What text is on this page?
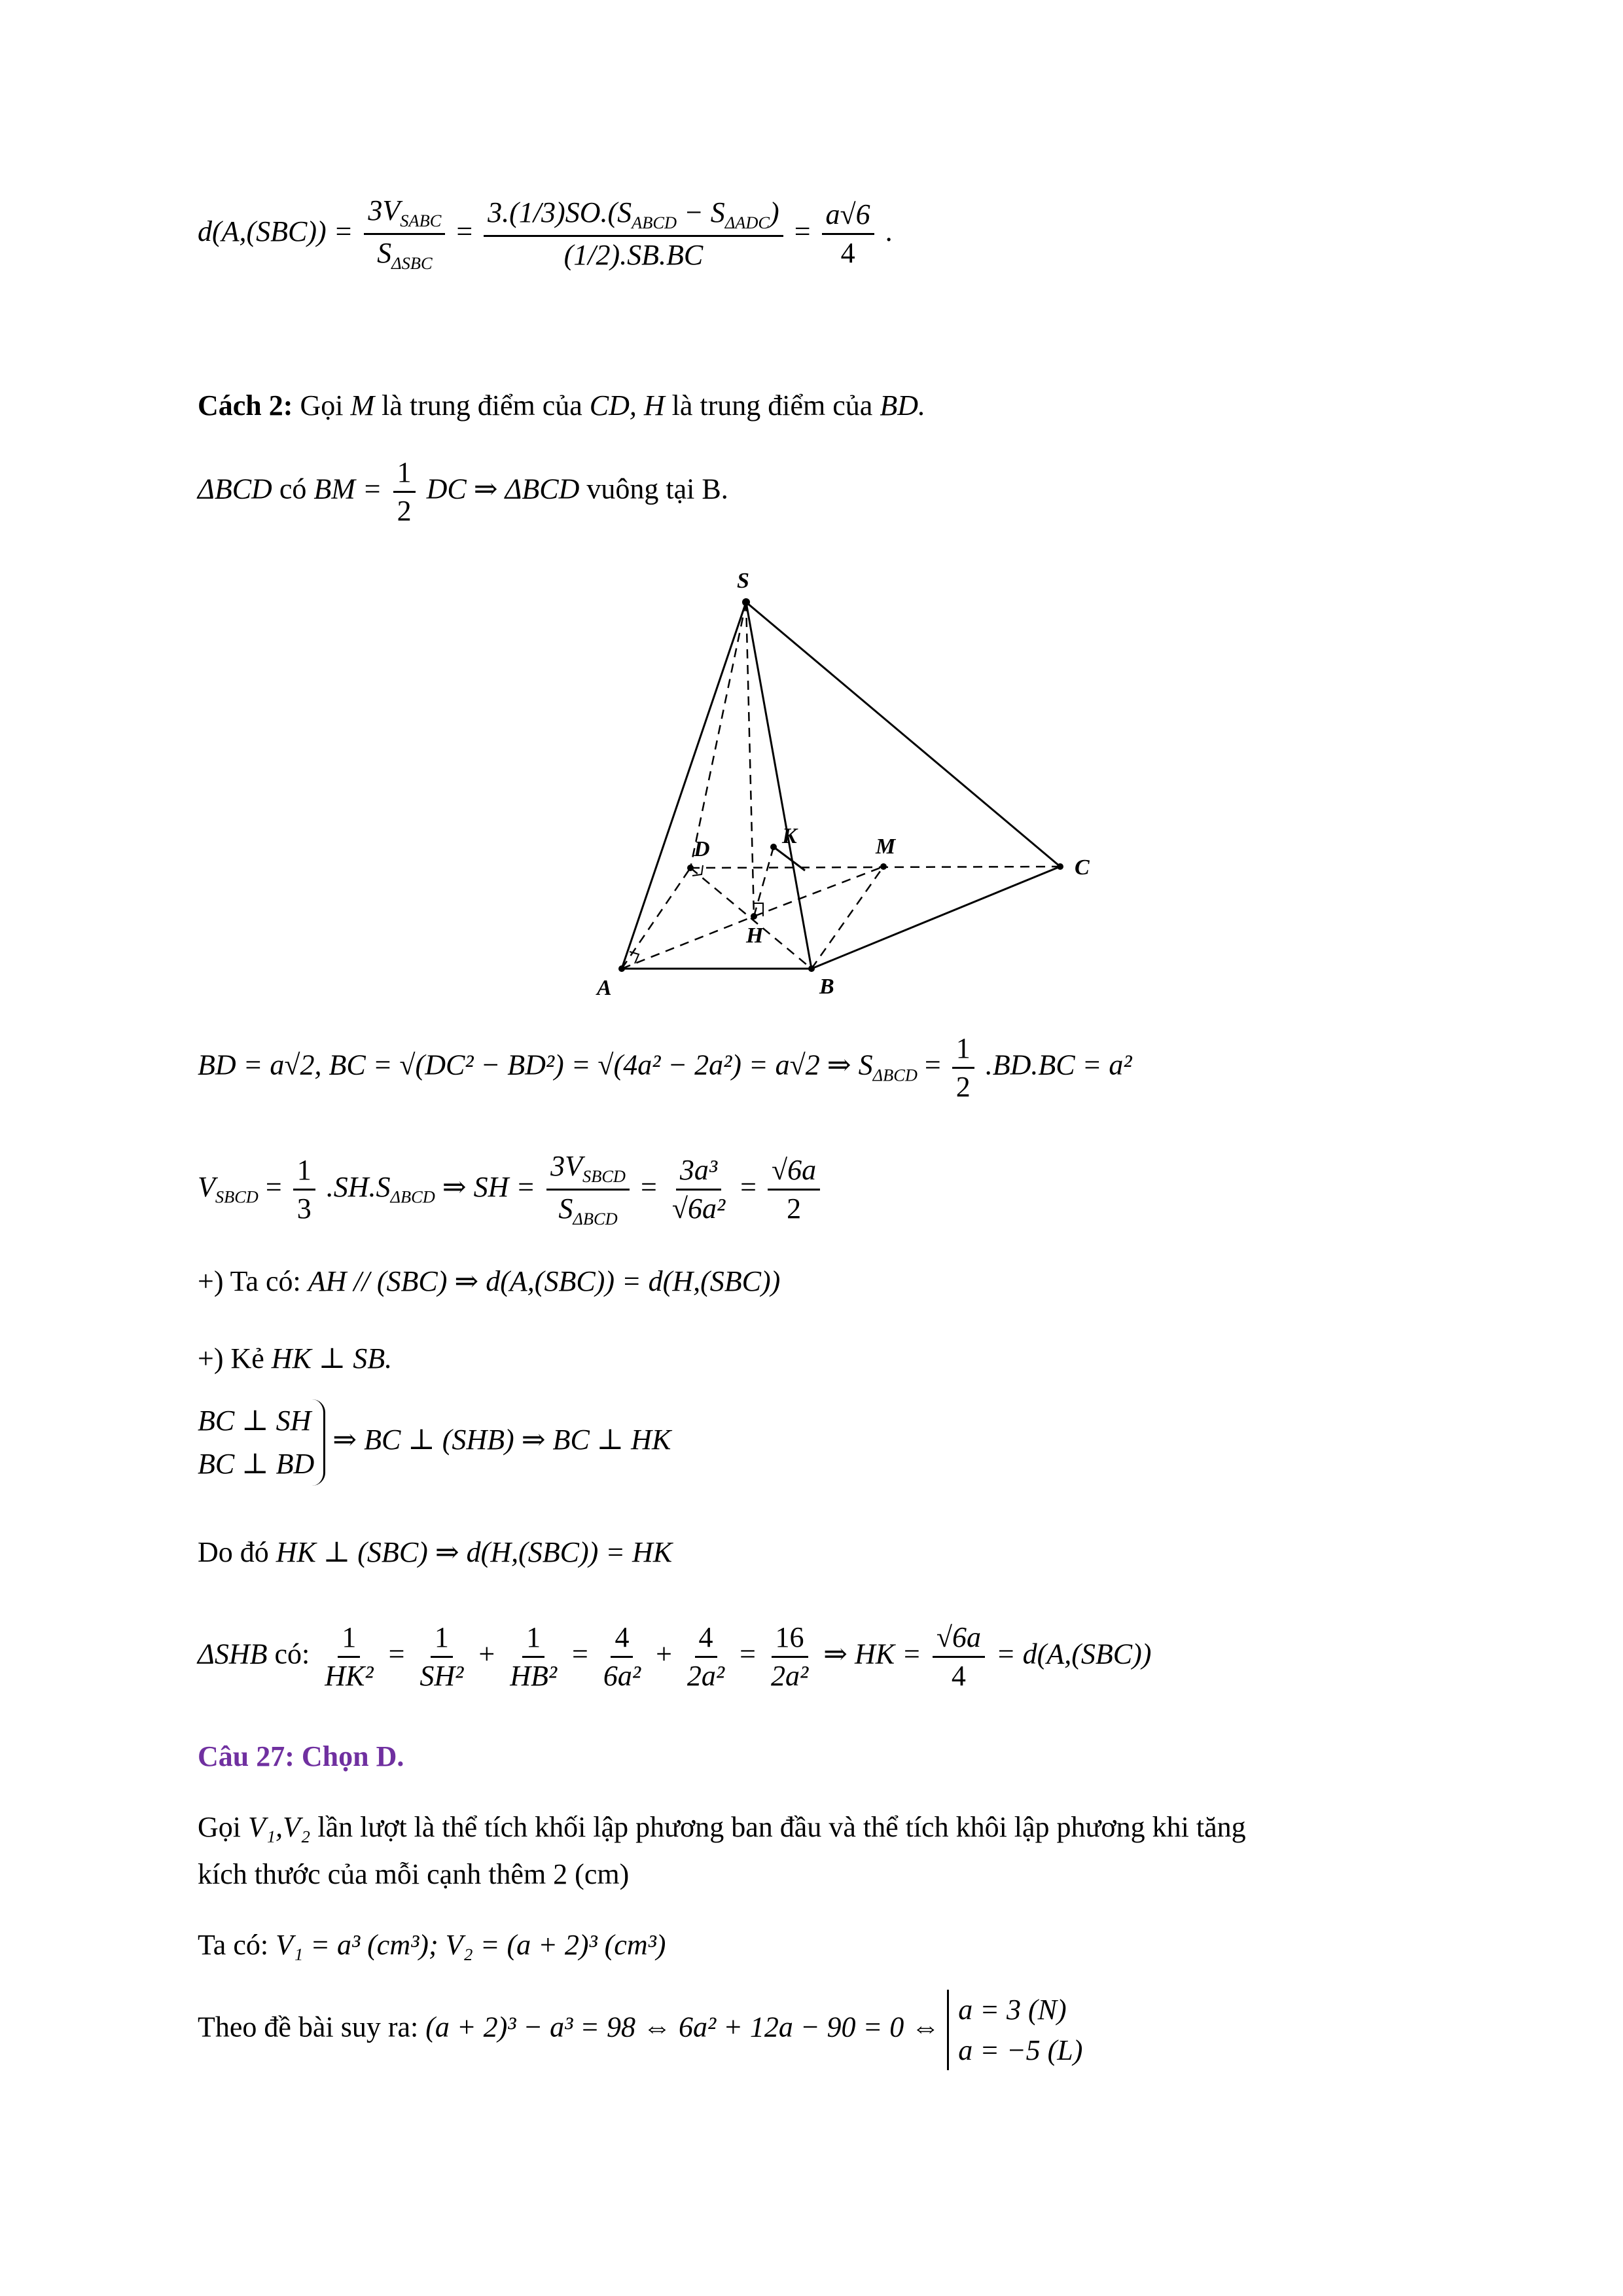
$d(A,(SBC)) = \frac{3V_{SABC}}{S_{\Delta SBC}} = \frac{3.(1/3)SO.(S_{ABCD} - S_{\Delta ADC})}{(1/2).SB.BC} = \frac{a√6}{4}$ .
Cách 2: Gọi M là trung điểm của CD, H là trung điểm của BD.
ΔBCD có BM = $\frac{1}{2}$ DC ⇒ ΔBCD vuông tại B.
S
D
K	M
C
H
A	B
BD = a√2, BC = √(DC² − BD²) = √(4a² − 2a²) = a√2 ⇒ $S_{\Delta BCD} = \frac{1}{2} .BD.BC = a^2$
$V_{SBCD} = \frac{1}{3} .SH.S_{\Delta BCD}$ ⇒ SH = $\frac{3V_{SBCD}}{S_{\Delta BCD}} = \frac{\text{3a³}}{\text{√6a²}} = \frac{√6a}{2}$
+) Ta có: AH // (SBC) ⇒ d(A,(SBC)) = d(H,(SBC))
+) Kẻ HK ⊥ SB.
BC ⊥ SH
BC ⊥ BD
⇒ BC ⊥ (SHB) ⇒ BC ⊥ HK
Do đó HK ⊥ (SBC) ⇒ d(H,(SBC)) = HK
ΔSHB có: $\frac{1}{\text{HK²}} = \frac{1}{\text{SH²}} + \frac{1}{\text{HB²}} = \frac{4}{\text{6a²}} + \frac{4}{\text{2a²}} = \frac{16}{\text{2a²}}$ ⇒ HK = $\frac{√6a}{4} = d(A,(SBC))$
Câu 27: Chọn D.
Gọi V₁,V₂ lần lượt là thể tích khối lập phương ban đầu và thể tích khôi lập phương khi tăng
kích thước của mỗi cạnh thêm 2 (cm)
Ta có: V₁ = a³ (cm³); V₂ = (a + 2)³ (cm³)
Theo đề bài suy ra: (a + 2)³ − a³ = 98 ⇔ 6a² + 12a − 90 = 0 ⇔
a = 3 (N)
a = −5 (L)
